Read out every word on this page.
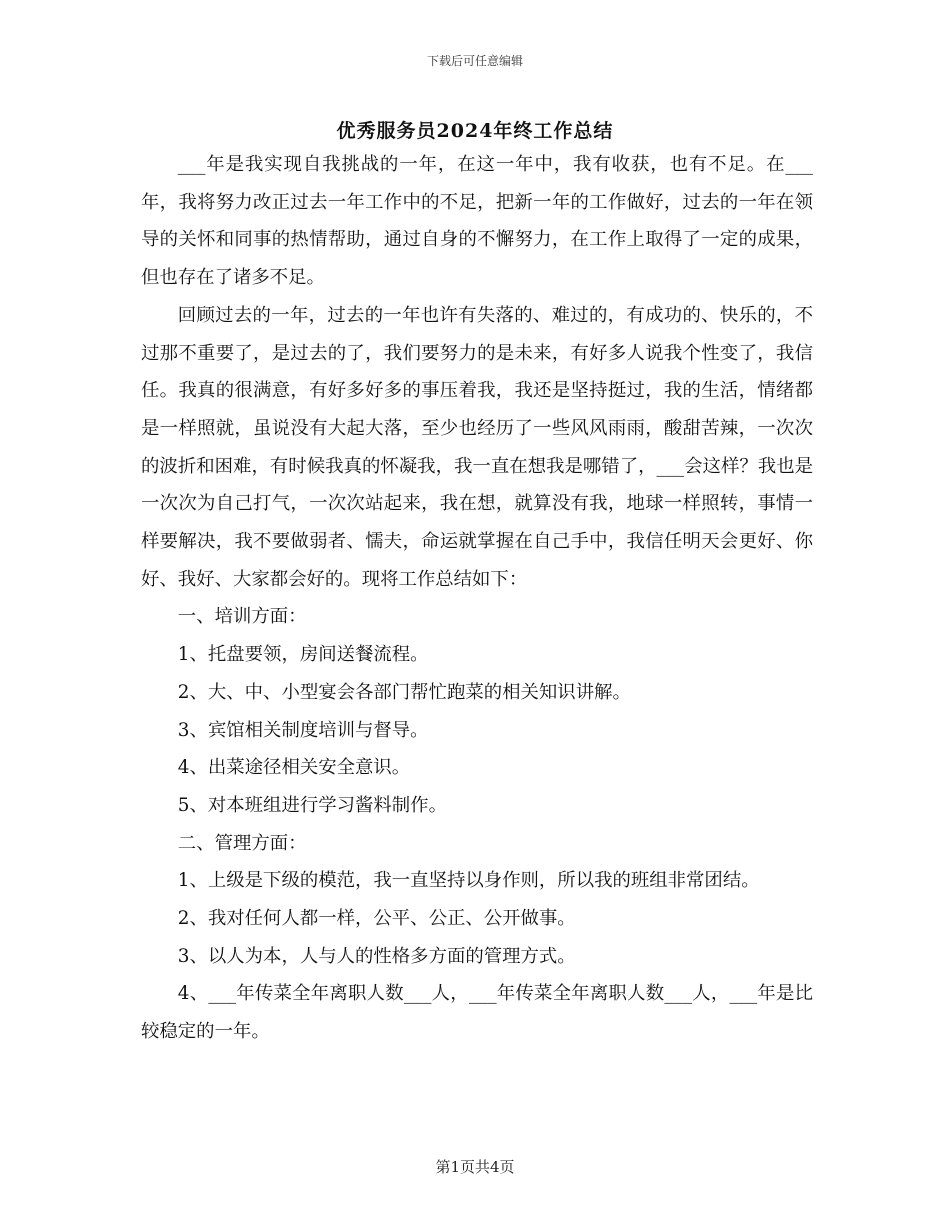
下载后可任意编辑
优秀服务员2024年终工作总结

___年是我实现自我挑战的一年，在这一年中，我有收获，也有不足。在___年，我将努力改正过去一年工作中的不足，把新一年的工作做好，过去的一年在领导的关怀和同事的热情帮助，通过自身的不懈努力，在工作上取得了一定的成果，但也存在了诸多不足。

回顾过去的一年，过去的一年也许有失落的、难过的，有成功的、快乐的，不过那不重要了，是过去的了，我们要努力的是未来，有好多人说我个性变了，我信任。我真的很满意，有好多好多的事压着我，我还是坚持挺过，我的生活，情绪都是一样照就，虽说没有大起大落，至少也经历了一些风风雨雨，酸甜苦辣，一次次的波折和困难，有时候我真的怀凝我，我一直在想我是哪错了，___会这样？我也是一次次为自己打气，一次次站起来，我在想，就算没有我，地球一样照转，事情一样要解决，我不要做弱者、懦夫，命运就掌握在自己手中，我信任明天会更好、你好、我好、大家都会好的。现将工作总结如下：

一、培训方面：

1、托盘要领，房间送餐流程。

2、大、中、小型宴会各部门帮忙跑菜的相关知识讲解。

3、宾馆相关制度培训与督导。

4、出菜途径相关安全意识。

5、对本班组进行学习酱料制作。

二、管理方面：

1、上级是下级的模范，我一直坚持以身作则，所以我的班组非常团结。

2、我对任何人都一样，公平、公正、公开做事。

3、以人为本，人与人的性格多方面的管理方式。

4、___年传菜全年离职人数___人，___年传菜全年离职人数___人，___年是比较稳定的一年。

第1页共4页
